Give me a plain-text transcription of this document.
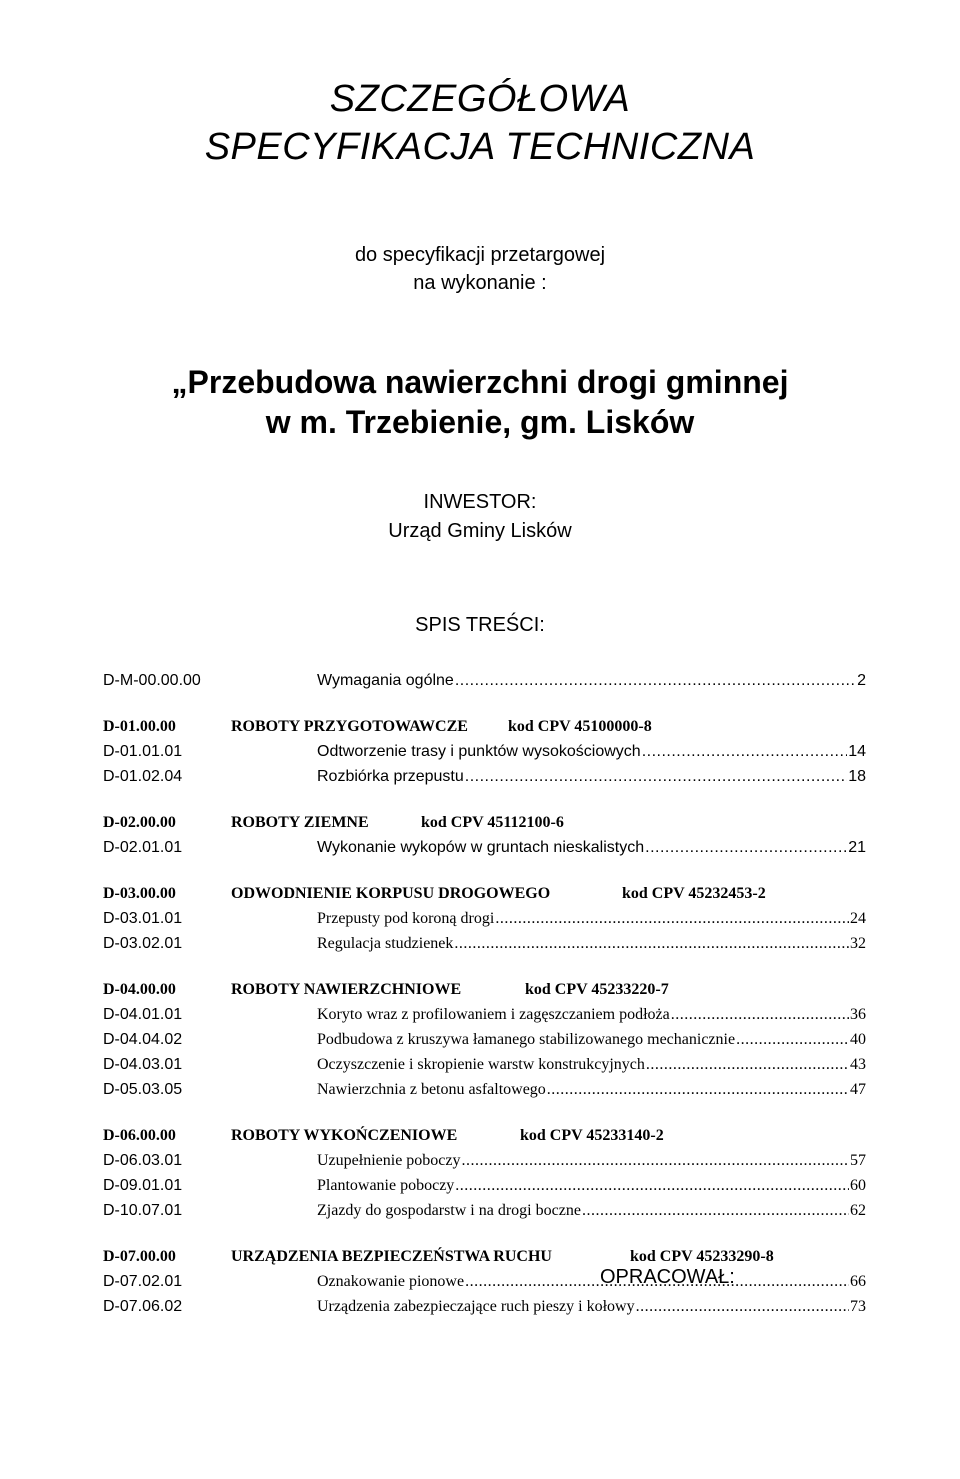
SZCZEGÓŁOWA
SPECYFIKACJA TECHNICZNA
do specyfikacji przetargowej
na wykonanie :
„Przebudowa nawierzchni drogi gminnej
w m. Trzebienie, gm. Lisków
INWESTOR:
Urząd Gminy Lisków
SPIS TREŚCI:
D-M-00.00.00	Wymagania ogólne .....	2
D-01.00.00	ROBOTY PRZYGOTOWAWCZE	kod CPV 45100000-8
D-01.01.01	Odtworzenie trasy i punktów wysokościowych .....	14
D-01.02.04	Rozbiórka przepustu .....	18
D-02.00.00	ROBOTY ZIEMNE	kod CPV 45112100-6
D-02.01.01	Wykonanie wykopów w gruntach nieskalistych .....	21
D-03.00.00	ODWODNIENIE KORPUSU DROGOWEGO	kod CPV 45232453-2
D-03.01.01	Przepusty pod koroną drogi .....	24
D-03.02.01	Regulacja studzienek .....	32
D-04.00.00	ROBOTY NAWIERZCHNIOWE	kod CPV 45233220-7
D-04.01.01	Koryto wraz z profilowaniem i zagęszczaniem podłoża .....	36
D-04.04.02	Podbudowa z kruszywa łamanego stabilizowanego mechanicznie .....	40
D-04.03.01	Oczyszczenie i skropienie warstw konstrukcyjnych .....	43
D-05.03.05	Nawierzchnia z betonu asfaltowego .....	47
D-06.00.00	ROBOTY WYKOŃCZENIOWE	kod CPV 45233140-2
D-06.03.01	Uzupełnienie poboczy .....	57
D-09.01.01	Plantowanie poboczy .....	60
D-10.07.01	Zjazdy do gospodarstw i na drogi boczne .....	62
D-07.00.00	URZĄDZENIA BEZPIECZEŃSTWA RUCHU	kod CPV 45233290-8
D-07.02.01	Oznakowanie pionowe .....	66
D-07.06.02	Urządzenia zabezpieczające ruch pieszy i kołowy .....	73
OPRACOWAŁ:
